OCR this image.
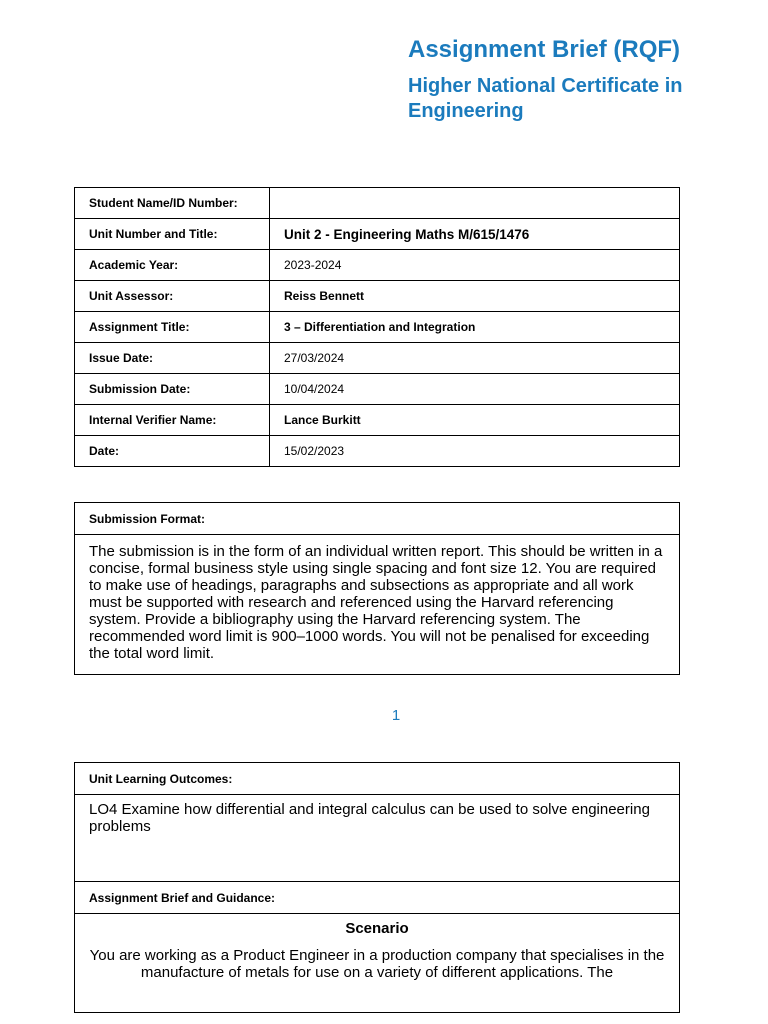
Assignment Brief (RQF)
Higher National Certificate in Engineering
Student Name/ID Number:	
Unit Number and Title:	Unit 2 - Engineering Maths M/615/1476
Academic Year:	2023-2024
Unit Assessor:	Reiss Bennett
Assignment Title:	3 – Differentiation and Integration
Issue Date:	27/03/2024
Submission Date:	10/04/2024
Internal Verifier Name:	Lance Burkitt
Date:	15/02/2023
Submission Format:
The submission is in the form of an individual written report. This should be written in a concise, formal business style using single spacing and font size 12. You are required to make use of headings, paragraphs and subsections as appropriate and all work must be supported with research and referenced using the Harvard referencing system. Provide a bibliography using the Harvard referencing system. The recommended word limit is 900–1000 words. You will not be penalised for exceeding the total word limit.
1
Unit Learning Outcomes:
LO4 Examine how differential and integral calculus can be used to solve engineering problems
Assignment Brief and Guidance:

Scenario
You are working as a Product Engineer in a production company that specialises in the manufacture of metals for use on a variety of different applications. The
